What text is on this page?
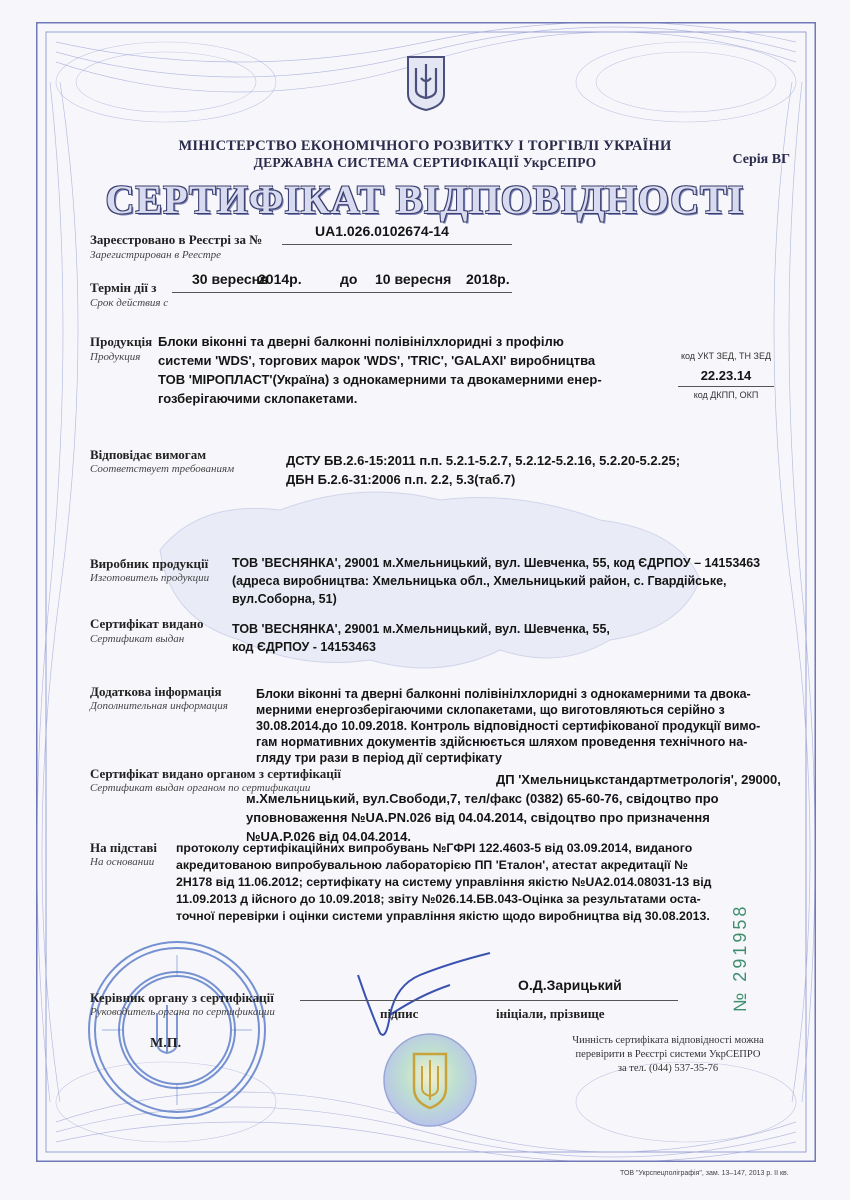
МІНІСТЕРСТВО ЕКОНОМІЧНОГО РОЗВИТКУ І ТОРГІВЛІ УКРАЇНИ
ДЕРЖАВНА СИСТЕМА СЕРТИФІКАЦІЇ УкрСЕПРО	Серія ВГ
СЕРТИФІКАТ ВІДПОВІДНОСТІ
Зареєстровано в Реєстрі за №
Зарегистрирован в Реестре
UA1.026.0102674-14
Термін дії з
Срок действия с
30 вересня
2014р.	до 10 вересня 2018р.
Продукція
Продукция
Блоки віконні та дверні балконні полівінілхлоридні з профілю
системи 'WDS', торгових марок 'WDS', 'TRIC', 'GALAXI' виробництва
ТОВ 'МІРОПЛАСТ'(Україна) з однокамерними та двокамерними енер-
гозберігаючими склопакетами.
код УКТ ЗЕД, ТН ЗЕД
22.23.14
код ДКПП, ОКП
Відповідає вимогам
Соответствует требованиям
ДСТУ БВ.2.6-15:2011 п.п. 5.2.1-5.2.7, 5.2.12-5.2.16, 5.2.20-5.2.25;
ДБН Б.2.6-31:2006 п.п. 2.2, 5.3(таб.7)
Виробник продукції
Изготовитель продукции
ТОВ 'ВЕСНЯНКА', 29001 м.Хмельницький, вул. Шевченка, 55, код ЄДРПОУ – 14153463
(адреса виробництва: Хмельницька обл., Хмельницький район, с. Гвардійське,
вул.Соборна, 51)
Сертифікат видано
Сертификат выдан
ТОВ 'ВЕСНЯНКА', 29001 м.Хмельницький, вул. Шевченка, 55,
код ЄДРПОУ - 14153463
Додаткова інформація
Дополнительная информация
Блоки віконні та дверні балконні полівінілхлоридні з однокамерними та двока-
мерними енергозберігаючими склопакетами, що виготовляються серійно з
30.08.2014.до 10.09.2018. Контроль відповідності сертифікованої продукції вимо-
гам нормативних документів здійснюється шляхом проведення технічного на-
гляду три рази в період дії сертифікату
Сертифікат видано органом з сертифікації
Сертификат выдан органом по сертификации
ДП 'Хмельницькстандартметрологія', 29000,
м.Хмельницький, вул.Свободи,7, тел/факс (0382) 65-60-76, свідоцтво про
уповноваження №UA.PN.026 від 04.04.2014, свідоцтво про призначення
№UA.P.026 від 04.04.2014.
На підставі
На основании
протоколу сертифікаційних випробувань №ГФРІ 122.4603-5 від 03.09.2014, виданого
акредитованою випробувальною лабораторією ПП 'Еталон', атестат акредитації №
2Н178 від 11.06.2012; сертифікату на систему управління якістю №UA2.014.08031-13 від
11.09.2013 д ійсного до 10.09.2018; звіту №026.14.БВ.043-Оцінка за результатами оста-
точної перевірки і оцінки системи управління якістю щодо виробництва від 30.08.2013.
О.Д.Зарицький
Керівник органу з сертифікації
Руководитель органа по сертификации	підпис	ініціали, прізвище
М.П.	Чинність сертифіката відповідності можна
перевірити в Реєстрі системи УкрСЕПРО
за тел. (044) 537-35-76
№ 291958
ТОВ "Укрспецполіграфія", зам. 13–147, 2013 р. ІІ кв.
